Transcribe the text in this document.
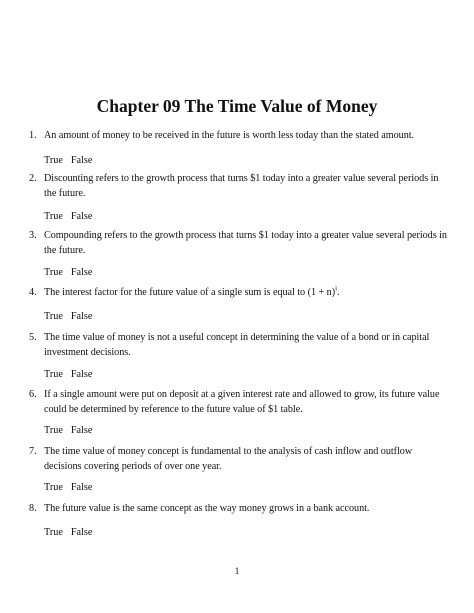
Chapter 09 The Time Value of Money
1. An amount of money to be received in the future is worth less today than the stated amount.
True False
2. Discounting refers to the growth process that turns $1 today into a greater value several periods in the future.
True False
3. Compounding refers to the growth process that turns $1 today into a greater value several periods in the future.
True False
4. The interest factor for the future value of a single sum is equal to $(1 + n)^i$.
True False
5. The time value of money is not a useful concept in determining the value of a bond or in capital investment decisions.
True False
6. If a single amount were put on deposit at a given interest rate and allowed to grow, its future value could be determined by reference to the future value of $1 table.
True False
7. The time value of money concept is fundamental to the analysis of cash inflow and outflow decisions covering periods of over one year.
True False
8. The future value is the same concept as the way money grows in a bank account.
True False
1
